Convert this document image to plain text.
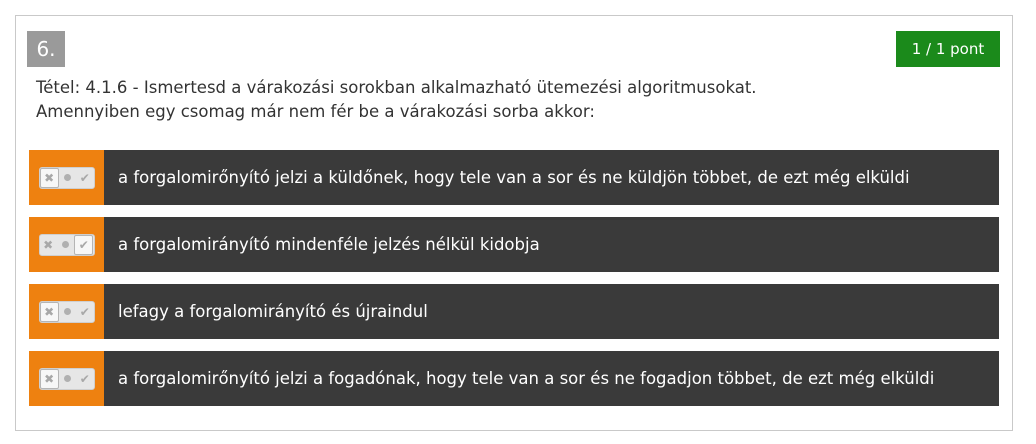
6.	1 / 1 pont
Tétel: 4.1.6 - Ismertesd a várakozási sorokban alkalmazható ütemezési algoritmusokat.
Amennyiben egy csomag már nem fér be a várakozási sorba akkor:
✖	✔	a forgalomirőnyító jelzi a küldőnek, hogy tele van a sor és ne küldjön többet, de ezt még elküldi
✖	✔	a forgalomirányító mindenféle jelzés nélkül kidobja
✖	✔	lefagy a forgalomirányító és újraindul
✖	✔	a forgalomirőnyító jelzi a fogadónak, hogy tele van a sor és ne fogadjon többet, de ezt még elküldi
